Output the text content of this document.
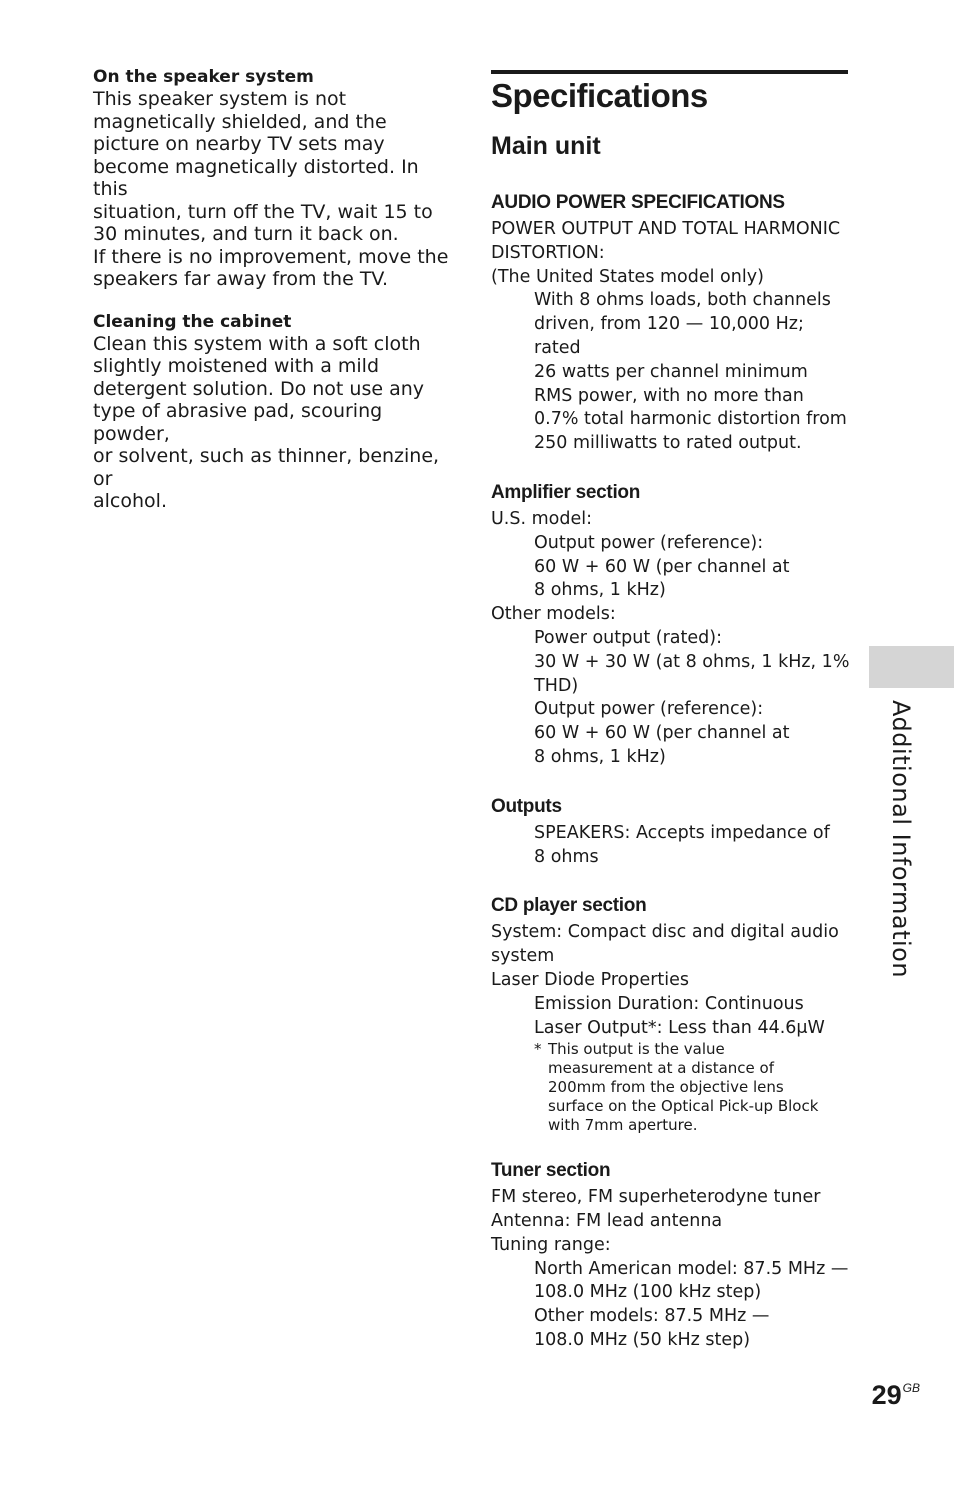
On the speaker system

This speaker system is not

magnetically shielded, and the

picture on nearby TV sets may

become magnetically distorted. In this

situation, turn off the TV, wait 15 to

30 minutes, and turn it back on.

If there is no improvement, move the

speakers far away from the TV.

Cleaning the cabinet

Clean this system with a soft cloth

slightly moistened with a mild

detergent solution. Do not use any

type of abrasive pad, scouring powder,

or solvent, such as thinner, benzine, or

alcohol.

Specifications
Main unit
AUDIO POWER SPECIFICATIONS

POWER OUTPUT AND TOTAL HARMONIC

DISTORTION:

(The United States model only)

With 8 ohms loads, both channels

driven, from 120 — 10,000 Hz; rated

26 watts per channel minimum

RMS power, with no more than

0.7% total harmonic distortion from

250 milliwatts to rated output.

Amplifier section

U.S. model:

Output power (reference):

60 W + 60 W (per channel at

8 ohms, 1 kHz)

Other models:

Power output (rated):

30 W + 30 W (at 8 ohms, 1 kHz, 1%

THD)

Output power (reference):

60 W + 60 W (per channel at

8 ohms, 1 kHz)

Outputs

SPEAKERS: Accepts impedance of

8 ohms

CD player section

System: Compact disc and digital audio

system

Laser Diode Properties

Emission Duration: Continuous

Laser Output*: Less than 44.6μW

* This output is the value
measurement at a distance of
200mm from the objective lens
surface on the Optical Pick-up Block
with 7mm aperture.
Tuner section

FM stereo, FM superheterodyne tuner

Antenna: FM lead antenna

Tuning range:

North American model: 87.5 MHz —

108.0 MHz (100 kHz step)

Other models: 87.5 MHz —

108.0 MHz (50 kHz step)

Additional Information
$29^{GB}$
